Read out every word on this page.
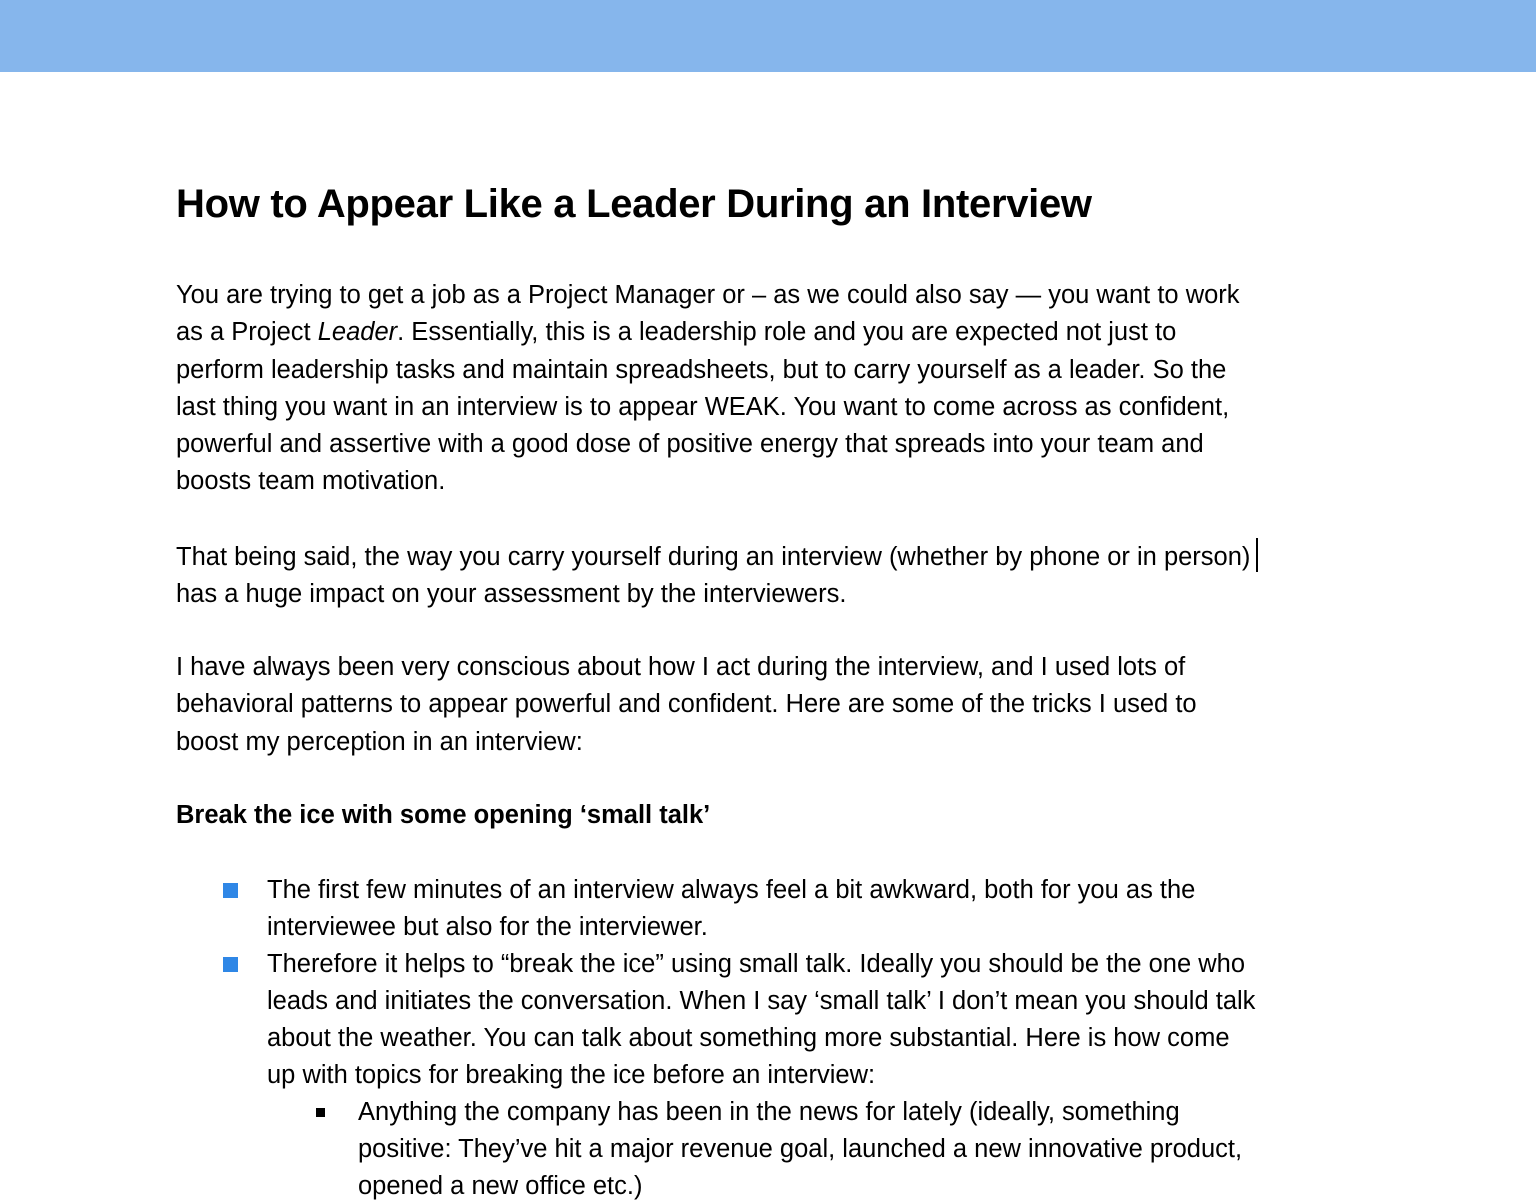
How to Appear Like a Leader During an Interview

You are trying to get a job as a Project Manager or – as we could also say — you want to work
as a Project Leader. Essentially, this is a leadership role and you are expected not just to
perform leadership tasks and maintain spreadsheets, but to carry yourself as a leader. So the
last thing you want in an interview is to appear WEAK. You want to come across as confident,
powerful and assertive with a good dose of positive energy that spreads into your team and
boosts team motivation.

That being said, the way you carry yourself during an interview (whether by phone or in person)
has a huge impact on your assessment by the interviewers.

I have always been very conscious about how I act during the interview, and I used lots of
behavioral patterns to appear powerful and confident. Here are some of the tricks I used to
boost my perception in an interview:

Break the ice with some opening ‘small talk’
The first few minutes of an interview always feel a bit awkward, both for you as the
interviewee but also for the interviewer.
Therefore it helps to “break the ice” using small talk. Ideally you should be the one who
leads and initiates the conversation. When I say ‘small talk’ I don’t mean you should talk
about the weather. You can talk about something more substantial. Here is how come
up with topics for breaking the ice before an interview:
Anything the company has been in the news for lately (ideally, something
positive: They’ve hit a major revenue goal, launched a new innovative product,
opened a new office etc.)
